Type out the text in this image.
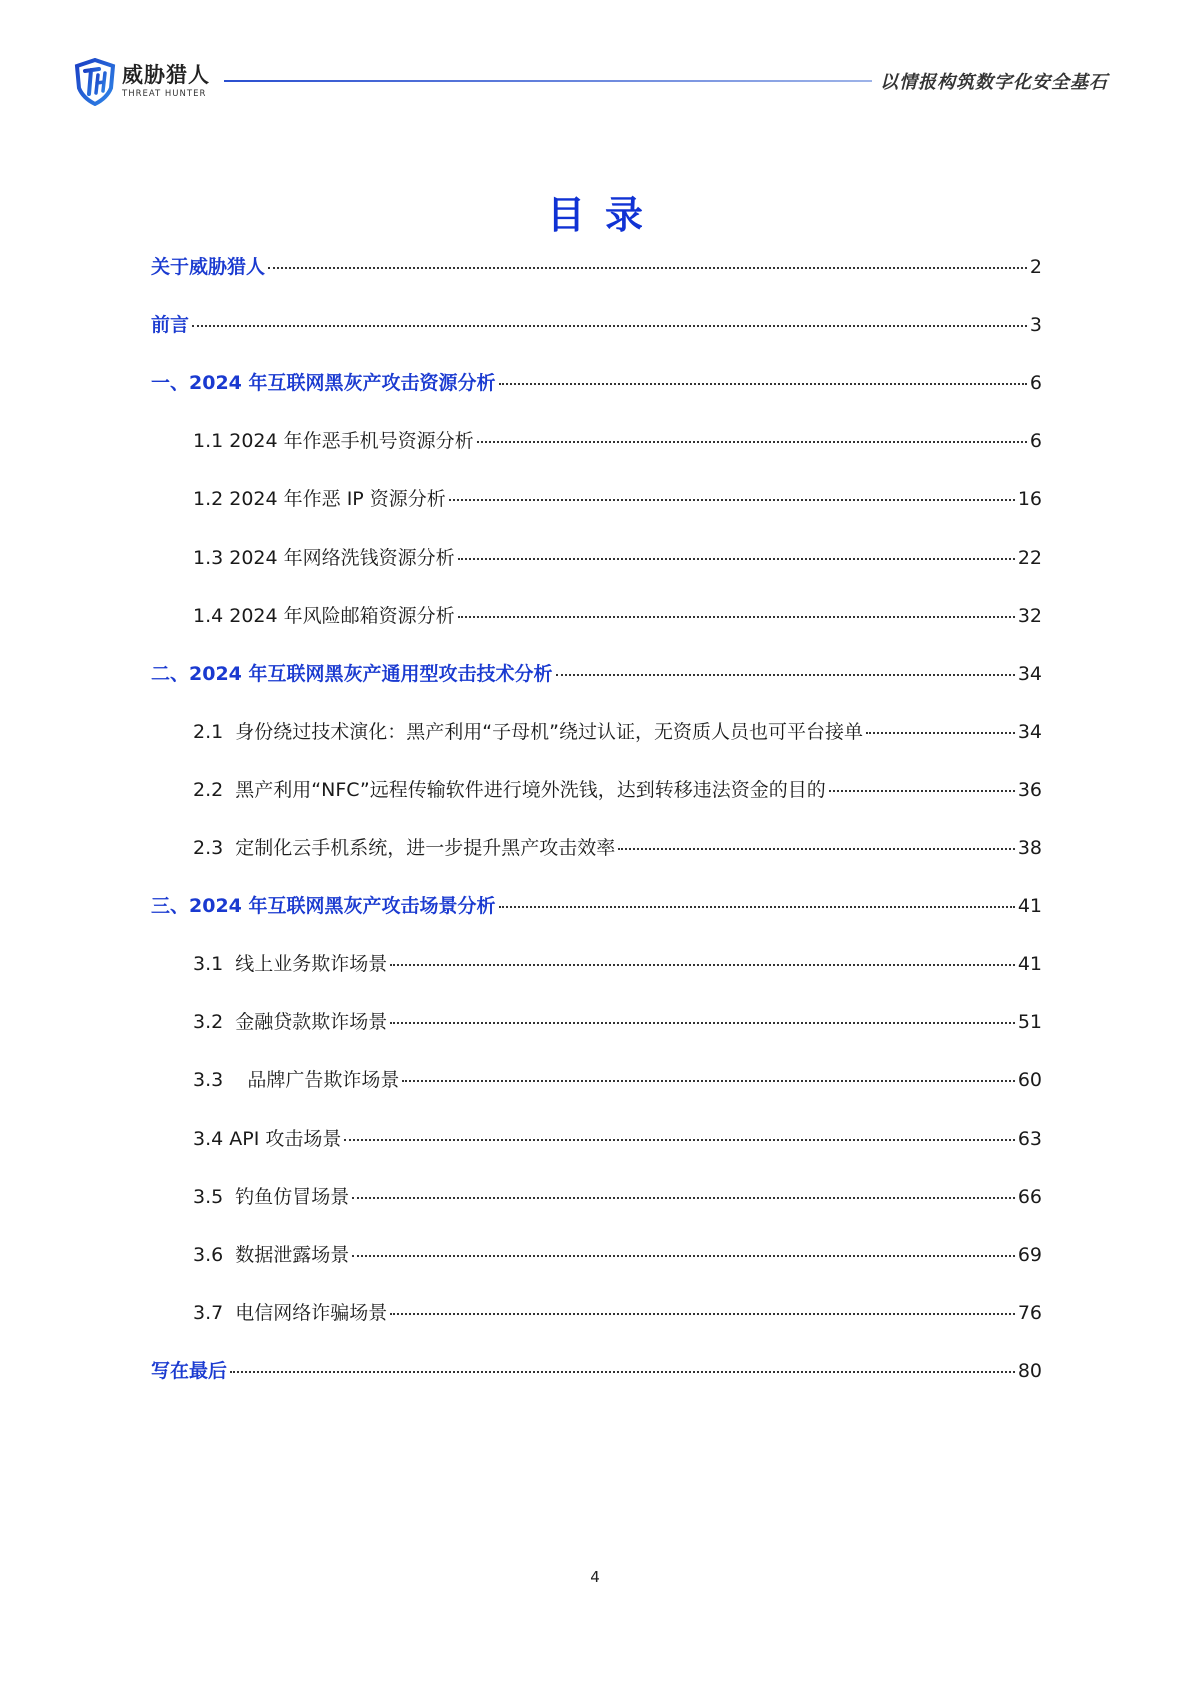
威胁猎人
THREAT HUNTER
以情报构筑数字化安全基石
目录
关于威胁猎人	2
前言	3
一、2024 年互联网黑灰产攻击资源分析	6
1.1 2024 年作恶手机号资源分析	6
1.2 2024 年作恶 IP 资源分析	16
1.3 2024 年网络洗钱资源分析	22
1.4 2024 年风险邮箱资源分析	32
二、2024 年互联网黑灰产通用型攻击技术分析	34
2.1  身份绕过技术演化：黑产利用“子母机”绕过认证，无资质人员也可平台接单	34
2.2  黑产利用“NFC”远程传输软件进行境外洗钱，达到转移违法资金的目的	36
2.3  定制化云手机系统，进一步提升黑产攻击效率	38
三、2024 年互联网黑灰产攻击场景分析	41
3.1  线上业务欺诈场景	41
3.2  金融贷款欺诈场景	51
3.3    品牌广告欺诈场景	60
3.4 API 攻击场景	63
3.5  钓鱼仿冒场景	66
3.6  数据泄露场景	69
3.7  电信网络诈骗场景	76
写在最后	80
4
